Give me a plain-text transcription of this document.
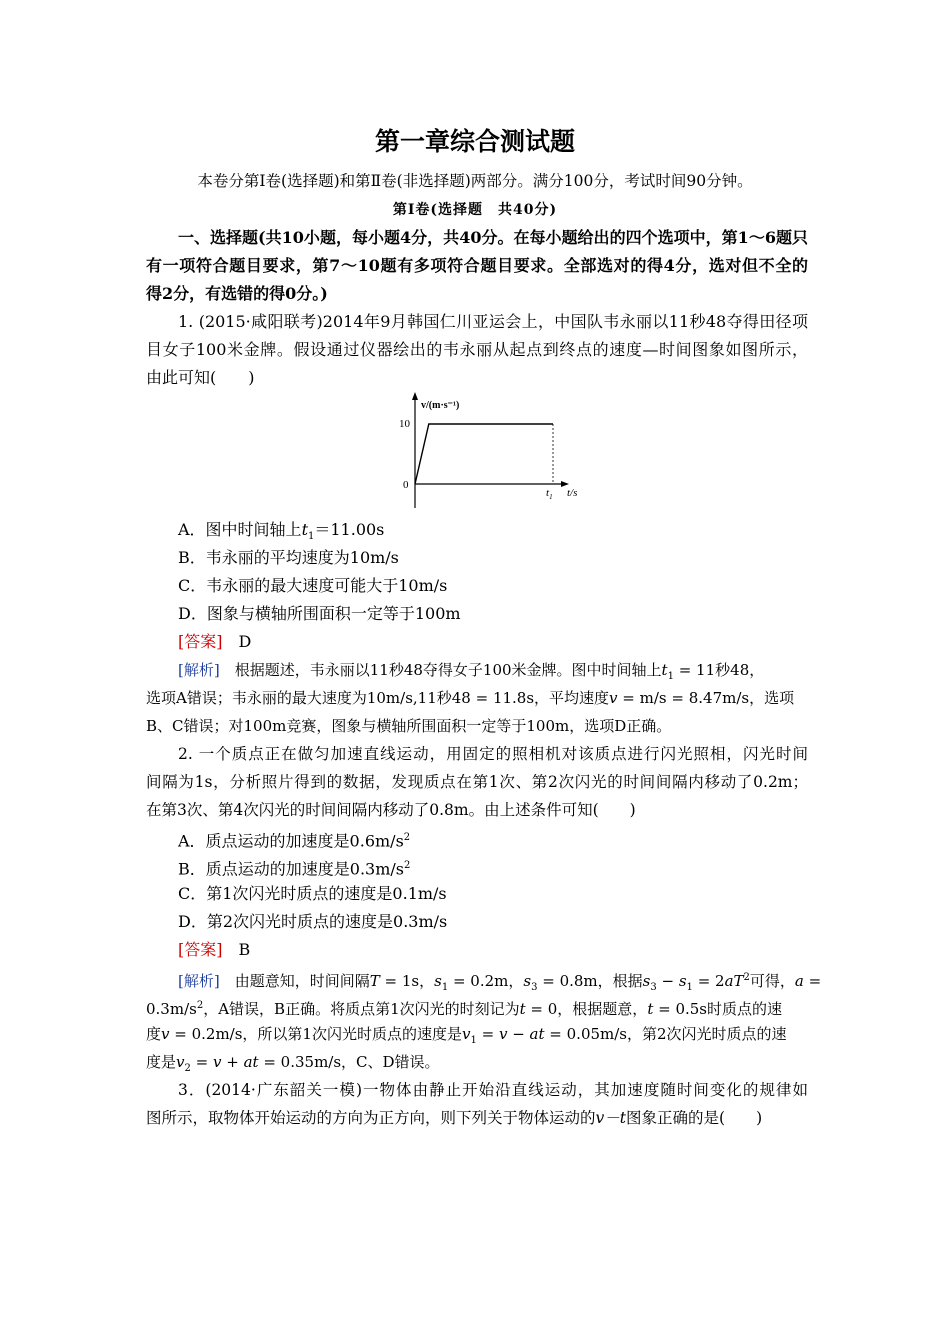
第一章综合测试题
本卷分第Ⅰ卷(选择题)和第Ⅱ卷(非选择题)两部分。满分100分，考试时间90分钟。
第Ⅰ卷(选择题　共40分)
一、选择题(共10小题，每小题4分，共40分。在每小题给出的四个选项中，第1～6题只
有一项符合题目要求，第7～10题有多项符合题目要求。全部选对的得4分，选对但不全的
得2分，有选错的得0分。)
1. (2015·咸阳联考)2014年9月韩国仁川亚运会上，中国队韦永丽以11秒48夺得田径项
目女子100米金牌。假设通过仪器绘出的韦永丽从起点到终点的速度—时间图象如图所示，
由此可知(　　)
v/(m·s⁻¹)
10
0
$t_1$ t/s
A．图中时间轴上$t_1=11.00s$
B．韦永丽的平均速度为10m/s
C．韦永丽的最大速度可能大于10m/s
D．图象与横轴所围面积一定等于100m
[答案]　 D
[解析]　 根据题述，韦永丽以11秒48夺得女子100米金牌。图中时间轴上$t_1 = 11$秒48，
选项A错误；韦永丽的最大速度为10m/s,11秒48 = 11.8s，平均速度v = m/s = 8.47m/s，选项
B、C错误；对100m竞赛，图象与横轴所围面积一定等于100m，选项D正确。
2. 一个质点正在做匀加速直线运动，用固定的照相机对该质点进行闪光照相，闪光时间
间隔为1s，分析照片得到的数据，发现质点在第1次、第2次闪光的时间间隔内移动了0.2m；
在第3次、第4次闪光的时间间隔内移动了0.8m。由上述条件可知(　　)
A．质点运动的加速度是$0.6m/s^2$
B．质点运动的加速度是$0.3m/s^2$
C．第1次闪光时质点的速度是0.1m/s
D．第2次闪光时质点的速度是0.3m/s
[答案]　 B
[解析]　 由题意知，时间间隔T = 1s，$s_1 = 0.2m$，$s_3 = 0.8m$，根据$s_3 - s_1 = 2aT^2$可得，a =
$0.3m/s^2$，A错误，B正确。将质点第1次闪光的时刻记为t = 0，根据题意，t = 0.5s时质点的速
度v = 0.2m/s，所以第1次闪光时质点的速度是$v_1 = v$ − at = 0.05m/s，第2次闪光时质点的速
度是$v_2 = v$ + at = 0.35m/s，C、D错误。
3．(2014·广东韶关一模)一物体由静止开始沿直线运动，其加速度随时间变化的规律如
图所示，取物体开始运动的方向为正方向，则下列关于物体运动的v－t图象正确的是(　　)
